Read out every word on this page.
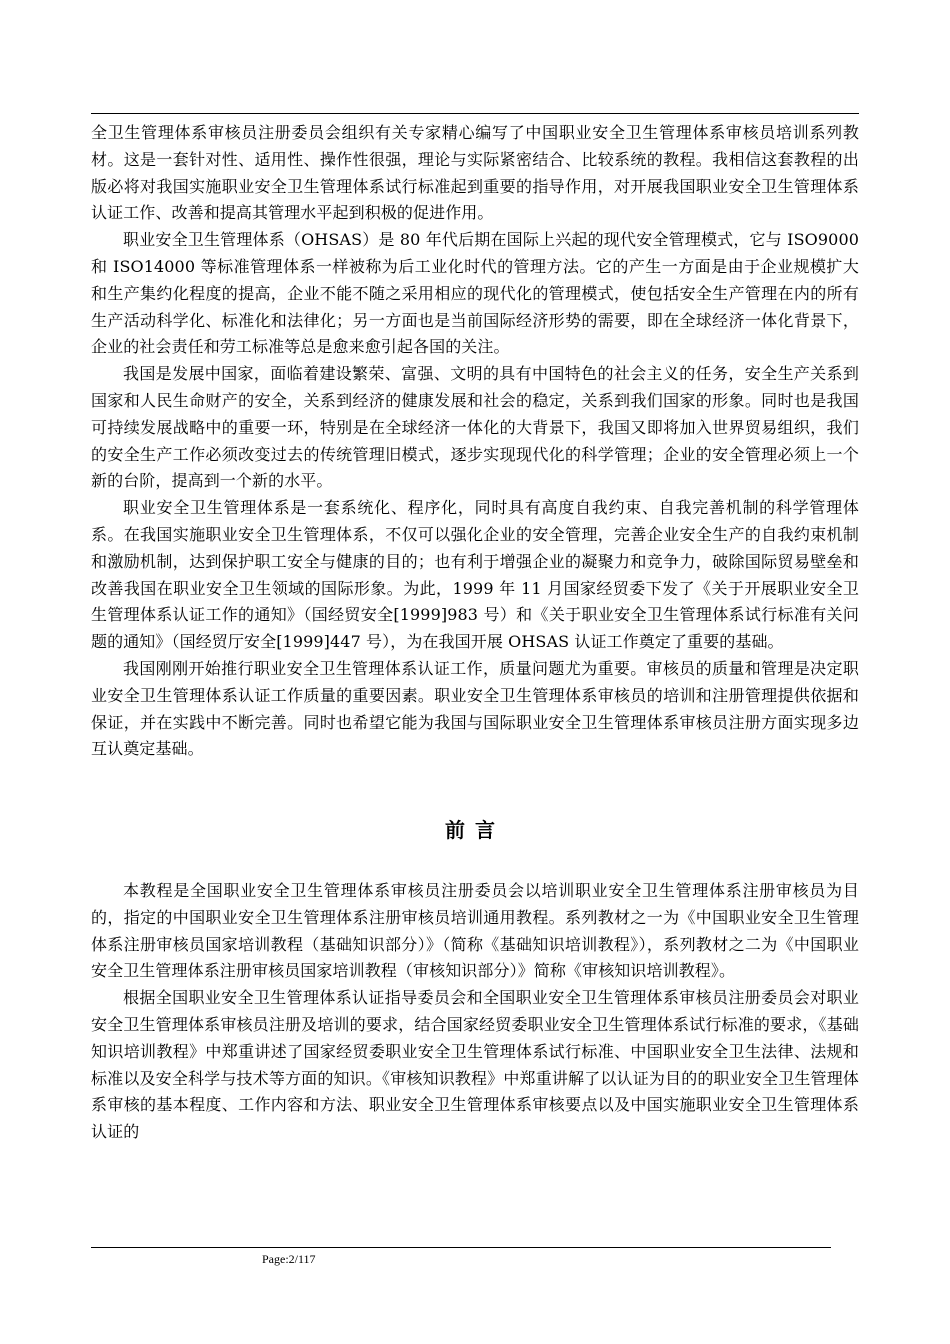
全卫生管理体系审核员注册委员会组织有关专家精心编写了中国职业安全卫生管理体系审核员培训系列教材。这是一套针对性、适用性、操作性很强，理论与实际紧密结合、比较系统的教程。我相信这套教程的出版必将对我国实施职业安全卫生管理体系试行标准起到重要的指导作用，对开展我国职业安全卫生管理体系认证工作、改善和提高其管理水平起到积极的促进作用。

职业安全卫生管理体系（OHSAS）是 80 年代后期在国际上兴起的现代安全管理模式，它与 ISO9000 和 ISO14000 等标准管理体系一样被称为后工业化时代的管理方法。它的产生一方面是由于企业规模扩大和生产集约化程度的提高，企业不能不随之采用相应的现代化的管理模式，使包括安全生产管理在内的所有生产活动科学化、标准化和法律化；另一方面也是当前国际经济形势的需要，即在全球经济一体化背景下，企业的社会责任和劳工标准等总是愈来愈引起各国的关注。

我国是发展中国家，面临着建设繁荣、富强、文明的具有中国特色的社会主义的任务，安全生产关系到国家和人民生命财产的安全，关系到经济的健康发展和社会的稳定，关系到我们国家的形象。同时也是我国可持续发展战略中的重要一环，特别是在全球经济一体化的大背景下，我国又即将加入世界贸易组织，我们的安全生产工作必须改变过去的传统管理旧模式，逐步实现现代化的科学管理；企业的安全管理必须上一个新的台阶，提高到一个新的水平。

职业安全卫生管理体系是一套系统化、程序化，同时具有高度自我约束、自我完善机制的科学管理体系。在我国实施职业安全卫生管理体系，不仅可以强化企业的安全管理，完善企业安全生产的自我约束机制和激励机制，达到保护职工安全与健康的目的；也有利于增强企业的凝聚力和竞争力，破除国际贸易壁垒和改善我国在职业安全卫生领域的国际形象。为此，1999 年 11 月国家经贸委下发了《关于开展职业安全卫生管理体系认证工作的通知》（国经贸安全[1999]983 号）和《关于职业安全卫生管理体系试行标准有关问题的通知》（国经贸厅安全[1999]447 号），为在我国开展 OHSAS 认证工作奠定了重要的基础。

我国刚刚开始推行职业安全卫生管理体系认证工作，质量问题尤为重要。审核员的质量和管理是决定职业安全卫生管理体系认证工作质量的重要因素。职业安全卫生管理体系审核员的培训和注册管理提供依据和保证，并在实践中不断完善。同时也希望它能为我国与国际职业安全卫生管理体系审核员注册方面实现多边互认奠定基础。

前言

本教程是全国职业安全卫生管理体系审核员注册委员会以培训职业安全卫生管理体系注册审核员为目的，指定的中国职业安全卫生管理体系注册审核员培训通用教程。系列教材之一为《中国职业安全卫生管理体系注册审核员国家培训教程（基础知识部分）》（简称《基础知识培训教程》），系列教材之二为《中国职业安全卫生管理体系注册审核员国家培训教程（审核知识部分）》简称《审核知识培训教程》。

根据全国职业安全卫生管理体系认证指导委员会和全国职业安全卫生管理体系审核员注册委员会对职业安全卫生管理体系审核员注册及培训的要求，结合国家经贸委职业安全卫生管理体系试行标准的要求，《基础知识培训教程》中郑重讲述了国家经贸委职业安全卫生管理体系试行标准、中国职业安全卫生法律、法规和标准以及安全科学与技术等方面的知识。《审核知识教程》中郑重讲解了以认证为目的的职业安全卫生管理体系审核的基本程度、工作内容和方法、职业安全卫生管理体系审核要点以及中国实施职业安全卫生管理体系认证的

Page:2/117
